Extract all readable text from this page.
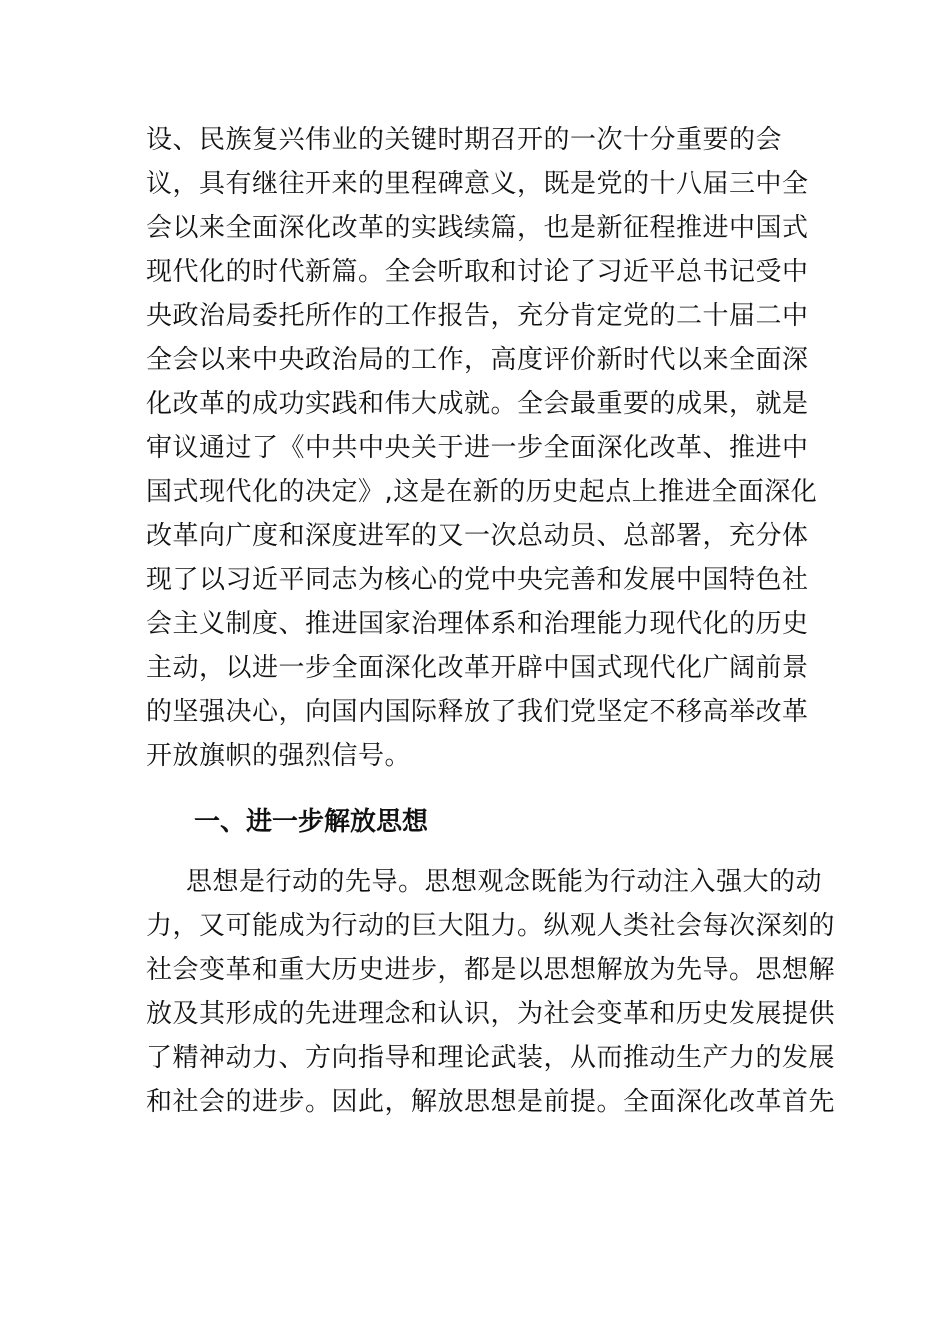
设、民族复兴伟业的关键时期召开的一次十分重要的会
议，具有继往开来的里程碑意义，既是党的十八届三中全
会以来全面深化改革的实践续篇，也是新征程推进中国式
现代化的时代新篇。全会听取和讨论了习近平总书记受中
央政治局委托所作的工作报告，充分肯定党的二十届二中
全会以来中央政治局的工作，高度评价新时代以来全面深
化改革的成功实践和伟大成就。全会最重要的成果，就是
审议通过了《中共中央关于进一步全面深化改革、推进中
国式现代化的决定》,这是在新的历史起点上推进全面深化
改革向广度和深度进军的又一次总动员、总部署，充分体
现了以习近平同志为核心的党中央完善和发展中国特色社
会主义制度、推进国家治理体系和治理能力现代化的历史
主动，以进一步全面深化改革开辟中国式现代化广阔前景
的坚强决心，向国内国际释放了我们党坚定不移高举改革
开放旗帜的强烈信号。
一、进一步解放思想
思想是行动的先导。思想观念既能为行动注入强大的动
力，又可能成为行动的巨大阻力。纵观人类社会每次深刻的
社会变革和重大历史进步，都是以思想解放为先导。思想解
放及其形成的先进理念和认识，为社会变革和历史发展提供
了精神动力、方向指导和理论武装，从而推动生产力的发展
和社会的进步。因此，解放思想是前提。全面深化改革首先
